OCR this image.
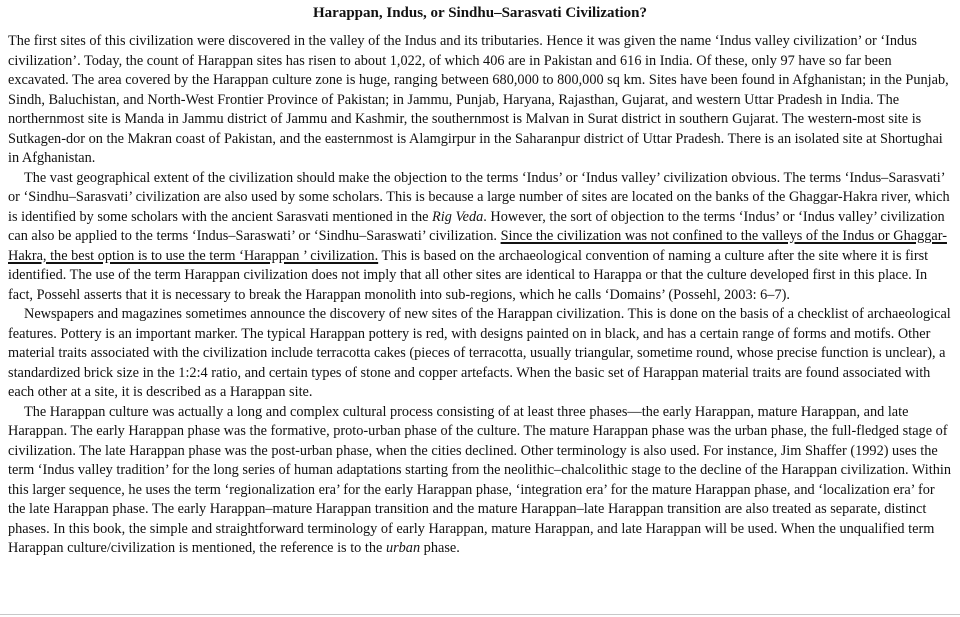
Harappan, Indus, or Sindhu–Sarasvati Civilization?

The first sites of this civilization were discovered in the valley of the Indus and its tributaries. Hence it was given the name ‘Indus valley civilization’ or ‘Indus civilization’. Today, the count of Harappan sites has risen to about 1,022, of which 406 are in Pakistan and 616 in India. Of these, only 97 have so far been excavated. The area covered by the Harappan culture zone is huge, ranging between 680,000 to 800,000 sq km. Sites have been found in Afghanistan; in the Punjab, Sindh, Baluchistan, and North-West Frontier Province of Pakistan; in Jammu, Punjab, Haryana, Rajasthan, Gujarat, and western Uttar Pradesh in India. The northernmost site is Manda in Jammu district of Jammu and Kashmir, the southernmost is Malvan in Surat district in southern Gujarat. The western-most site is Sutkagen-dor on the Makran coast of Pakistan, and the easternmost is Alamgirpur in the Saharanpur district of Uttar Pradesh. There is an isolated site at Shortughai in Afghanistan.

The vast geographical extent of the civilization should make the objection to the terms ‘Indus’ or ‘Indus valley’ civilization obvious. The terms ‘Indus–Sarasvati’ or ‘Sindhu–Sarasvati’ civilization are also used by some scholars. This is because a large number of sites are located on the banks of the Ghaggar-Hakra river, which is identified by some scholars with the ancient Sarasvati mentioned in the Rig Veda. However, the sort of objection to the terms ‘Indus’ or ‘Indus valley’ civilization can also be applied to the terms ‘Indus–Saraswati’ or ‘Sindhu–Saraswati’ civilization. Since the civilization was not confined to the valleys of the Indus or Ghaggar-Hakra, the best option is to use the term ‘Harappan ’ civilization. This is based on the archaeological convention of naming a culture after the site where it is first identified. The use of the term Harappan civilization does not imply that all other sites are identical to Harappa or that the culture developed first in this place. In fact, Possehl asserts that it is necessary to break the Harappan monolith into sub-regions, which he calls ‘Domains’ (Possehl, 2003: 6–7).

Newspapers and magazines sometimes announce the discovery of new sites of the Harappan civilization. This is done on the basis of a checklist of archaeological features. Pottery is an important marker. The typical Harappan pottery is red, with designs painted on in black, and has a certain range of forms and motifs. Other material traits associated with the civilization include terracotta cakes (pieces of terracotta, usually triangular, sometime round, whose precise function is unclear), a standardized brick size in the 1:2:4 ratio, and certain types of stone and copper artefacts. When the basic set of Harappan material traits are found associated with each other at a site, it is described as a Harappan site.

The Harappan culture was actually a long and complex cultural process consisting of at least three phases—the early Harappan, mature Harappan, and late Harappan. The early Harappan phase was the formative, proto-urban phase of the culture. The mature Harappan phase was the urban phase, the full-fledged stage of civilization. The late Harappan phase was the post-urban phase, when the cities declined. Other terminology is also used. For instance, Jim Shaffer (1992) uses the term ‘Indus valley tradition’ for the long series of human adaptations starting from the neolithic–chalcolithic stage to the decline of the Harappan civilization. Within this larger sequence, he uses the term ‘regionalization era’ for the early Harappan phase, ‘integration era’ for the mature Harappan phase, and ‘localization era’ for the late Harappan phase. The early Harappan–mature Harappan transition and the mature Harappan–late Harappan transition are also treated as separate, distinct phases. In this book, the simple and straightforward terminology of early Harappan, mature Harappan, and late Harappan will be used. When the unqualified term Harappan culture/civilization is mentioned, the reference is to the urban phase.
